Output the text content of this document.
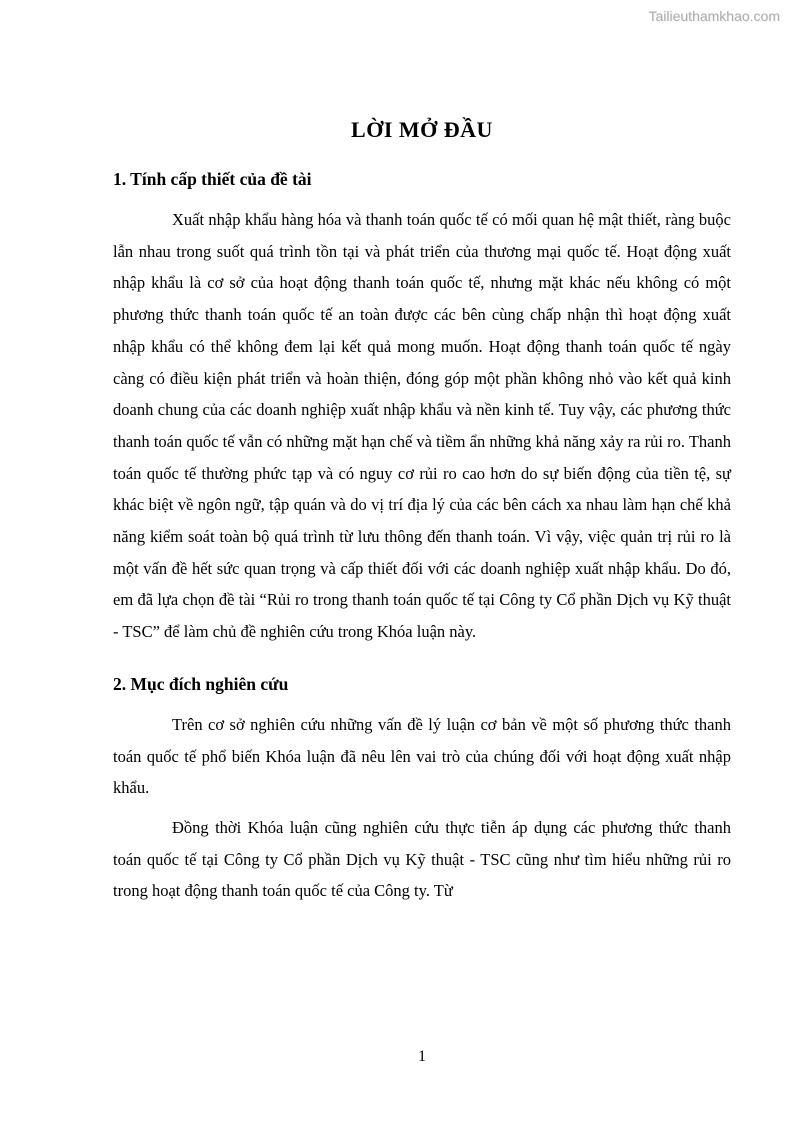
Tailieuthamkhao.com
LỜI MỞ ĐẦU
1. Tính cấp thiết của đề tài

Xuất nhập khẩu hàng hóa và thanh toán quốc tế có mối quan hệ mật thiết, ràng buộc lẫn nhau trong suốt quá trình tồn tại và phát triển của thương mại quốc tế. Hoạt động xuất nhập khẩu là cơ sở của hoạt động thanh toán quốc tế, nhưng mặt khác nếu không có một phương thức thanh toán quốc tế an toàn được các bên cùng chấp nhận thì hoạt động xuất nhập khẩu có thể không đem lại kết quả mong muốn. Hoạt động thanh toán quốc tế ngày càng có điều kiện phát triển và hoàn thiện, đóng góp một phần không nhỏ vào kết quả kinh doanh chung của các doanh nghiệp xuất nhập khẩu và nền kinh tế. Tuy vậy, các phương thức thanh toán quốc tế vẫn có những mặt hạn chế và tiềm ẩn những khả năng xảy ra rủi ro. Thanh toán quốc tế thường phức tạp và có nguy cơ rủi ro cao hơn do sự biến động của tiền tệ, sự khác biệt về ngôn ngữ, tập quán và do vị trí địa lý của các bên cách xa nhau làm hạn chế khả năng kiểm soát toàn bộ quá trình từ lưu thông đến thanh toán. Vì vậy, việc quản trị rủi ro là một vấn đề hết sức quan trọng và cấp thiết đối với các doanh nghiệp xuất nhập khẩu. Do đó, em đã lựa chọn đề tài “Rủi ro trong thanh toán quốc tế tại Công ty Cổ phần Dịch vụ Kỹ thuật - TSC” để làm chủ đề nghiên cứu trong Khóa luận này.

2. Mục đích nghiên cứu

Trên cơ sở nghiên cứu những vấn đề lý luận cơ bản về một số phương thức thanh toán quốc tế phổ biến Khóa luận đã nêu lên vai trò của chúng đối với hoạt động xuất nhập khẩu.

Đồng thời Khóa luận cũng nghiên cứu thực tiễn áp dụng các phương thức thanh toán quốc tế tại Công ty Cổ phần Dịch vụ Kỹ thuật - TSC cũng như tìm hiểu những rủi ro trong hoạt động thanh toán quốc tế của Công ty. Từ

1
